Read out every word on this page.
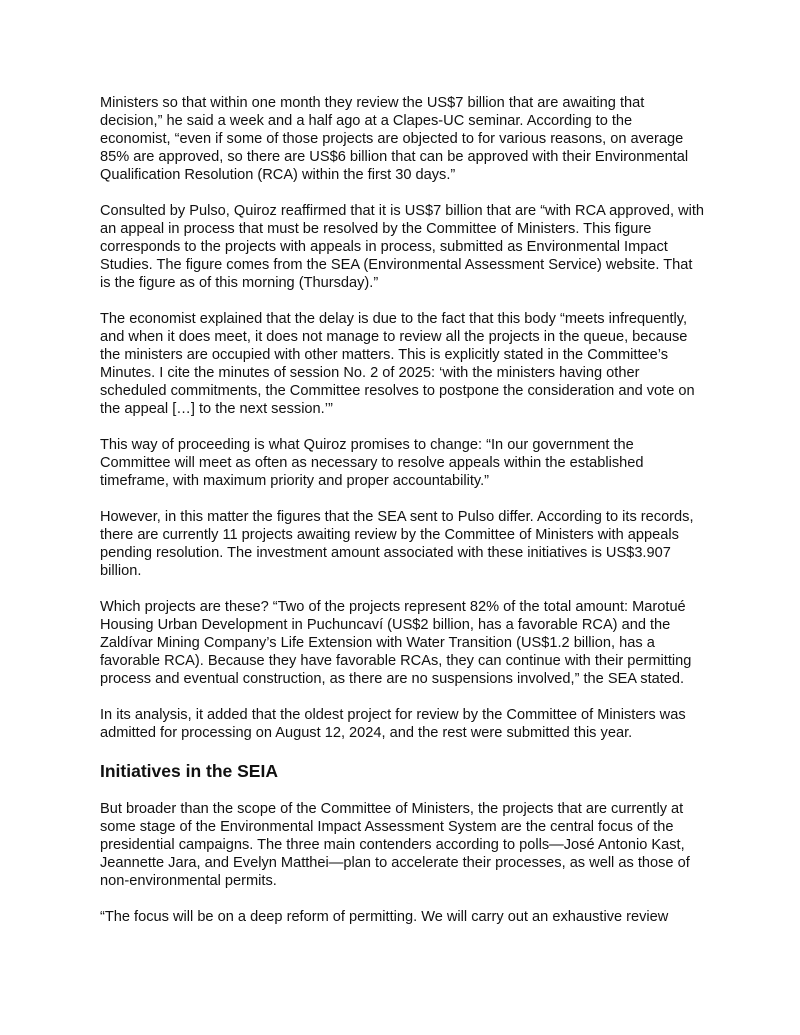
Ministers so that within one month they review the US$7 billion that are awaiting that decision,” he said a week and a half ago at a Clapes-UC seminar. According to the economist, “even if some of those projects are objected to for various reasons, on average 85% are approved, so there are US$6 billion that can be approved with their Environmental Qualification Resolution (RCA) within the first 30 days.”

Consulted by Pulso, Quiroz reaffirmed that it is US$7 billion that are “with RCA approved, with an appeal in process that must be resolved by the Committee of Ministers. This figure corresponds to the projects with appeals in process, submitted as Environmental Impact Studies. The figure comes from the SEA (Environmental Assessment Service) website. That is the figure as of this morning (Thursday).”

The economist explained that the delay is due to the fact that this body “meets infrequently, and when it does meet, it does not manage to review all the projects in the queue, because the ministers are occupied with other matters. This is explicitly stated in the Committee’s Minutes. I cite the minutes of session No. 2 of 2025: ‘with the ministers having other scheduled commitments, the Committee resolves to postpone the consideration and vote on the appeal […] to the next session.’”

This way of proceeding is what Quiroz promises to change: “In our government the Committee will meet as often as necessary to resolve appeals within the established timeframe, with maximum priority and proper accountability.”

However, in this matter the figures that the SEA sent to Pulso differ. According to its records, there are currently 11 projects awaiting review by the Committee of Ministers with appeals pending resolution. The investment amount associated with these initiatives is US$3.907 billion.

Which projects are these? “Two of the projects represent 82% of the total amount: Marotué Housing Urban Development in Puchuncaví (US$2 billion, has a favorable RCA) and the Zaldívar Mining Company’s Life Extension with Water Transition (US$1.2 billion, has a favorable RCA). Because they have favorable RCAs, they can continue with their permitting process and eventual construction, as there are no suspensions involved,” the SEA stated.

In its analysis, it added that the oldest project for review by the Committee of Ministers was admitted for processing on August 12, 2024, and the rest were submitted this year.

Initiatives in the SEIA

But broader than the scope of the Committee of Ministers, the projects that are currently at some stage of the Environmental Impact Assessment System are the central focus of the presidential campaigns. The three main contenders according to polls—José Antonio Kast, Jeannette Jara, and Evelyn Matthei—plan to accelerate their processes, as well as those of non-environmental permits.

“The focus will be on a deep reform of permitting. We will carry out an exhaustive review
